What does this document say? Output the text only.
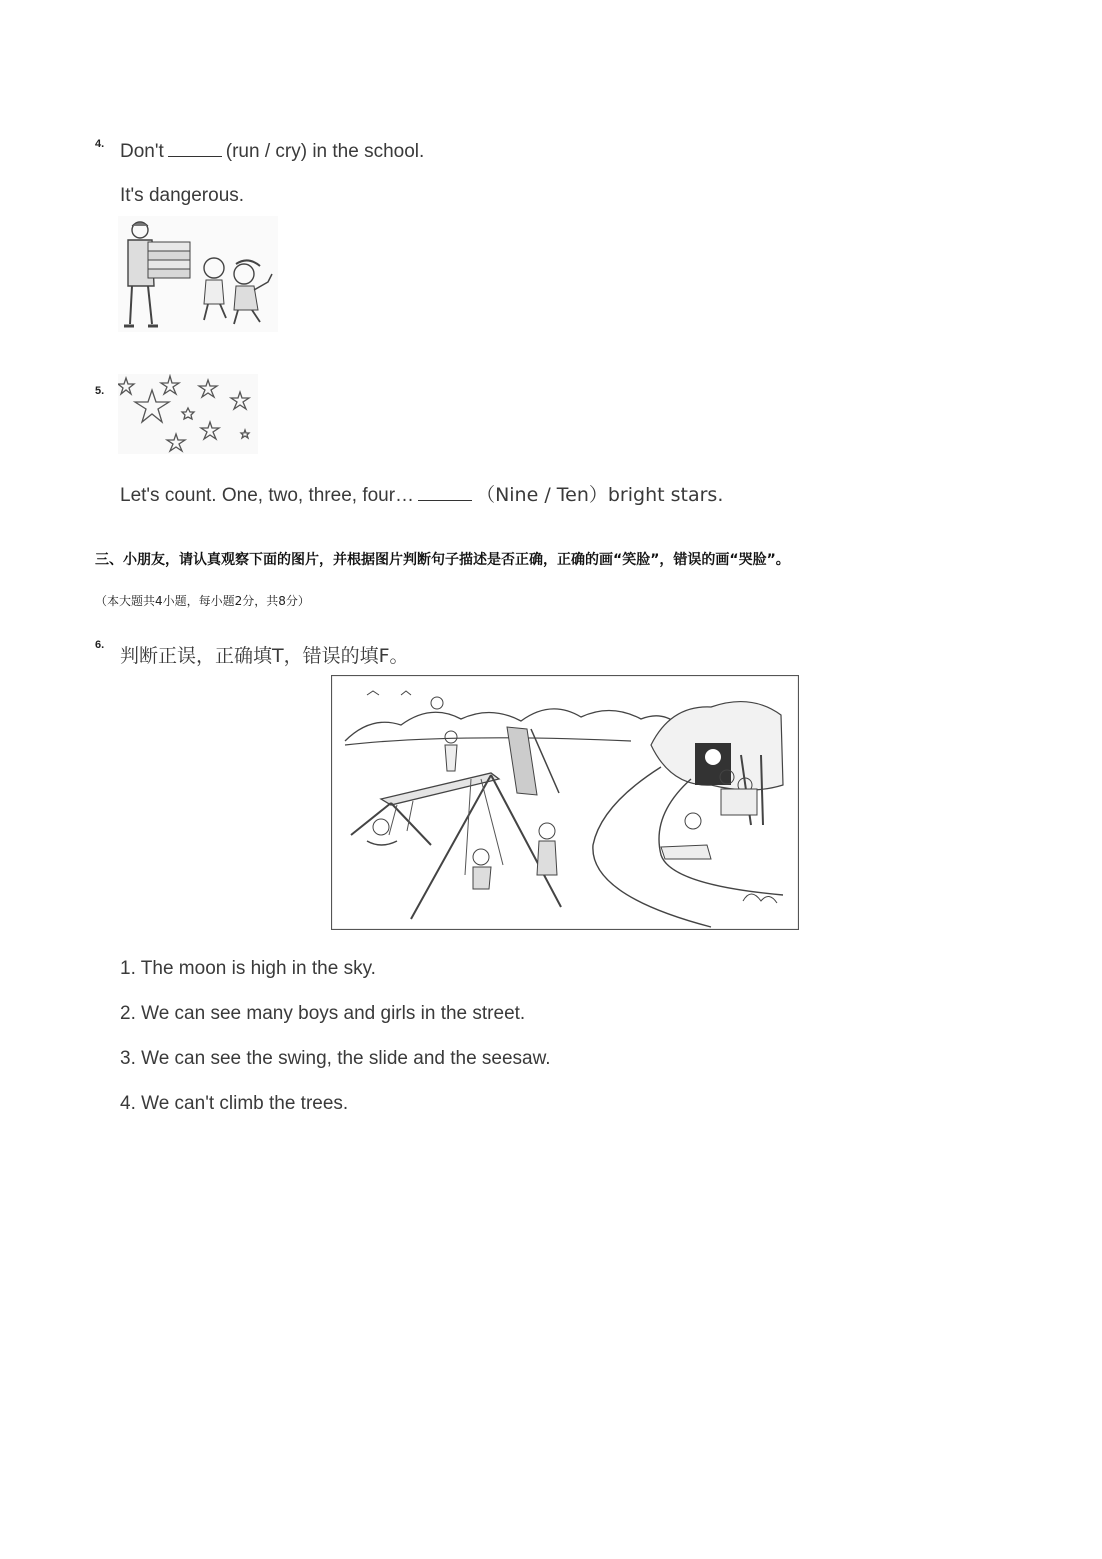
4. Don't	(run / cry) in the school.
It's dangerous.
5.
Let's count. One, two, three, four…	（Nine / Ten）bright stars.
三、小朋友，请认真观察下面的图片，并根据图片判断句子描述是否正确，正确的画“笑脸”，错误的画“哭脸”。
（本大题共4小题，每小题2分，共8分）
6. 判断正误，正确填T，错误的填F。
1. The moon is high in the sky.
2. We can see many boys and girls in the street.
3. We can see the swing, the slide and the seesaw.
4. We can't climb the trees.
